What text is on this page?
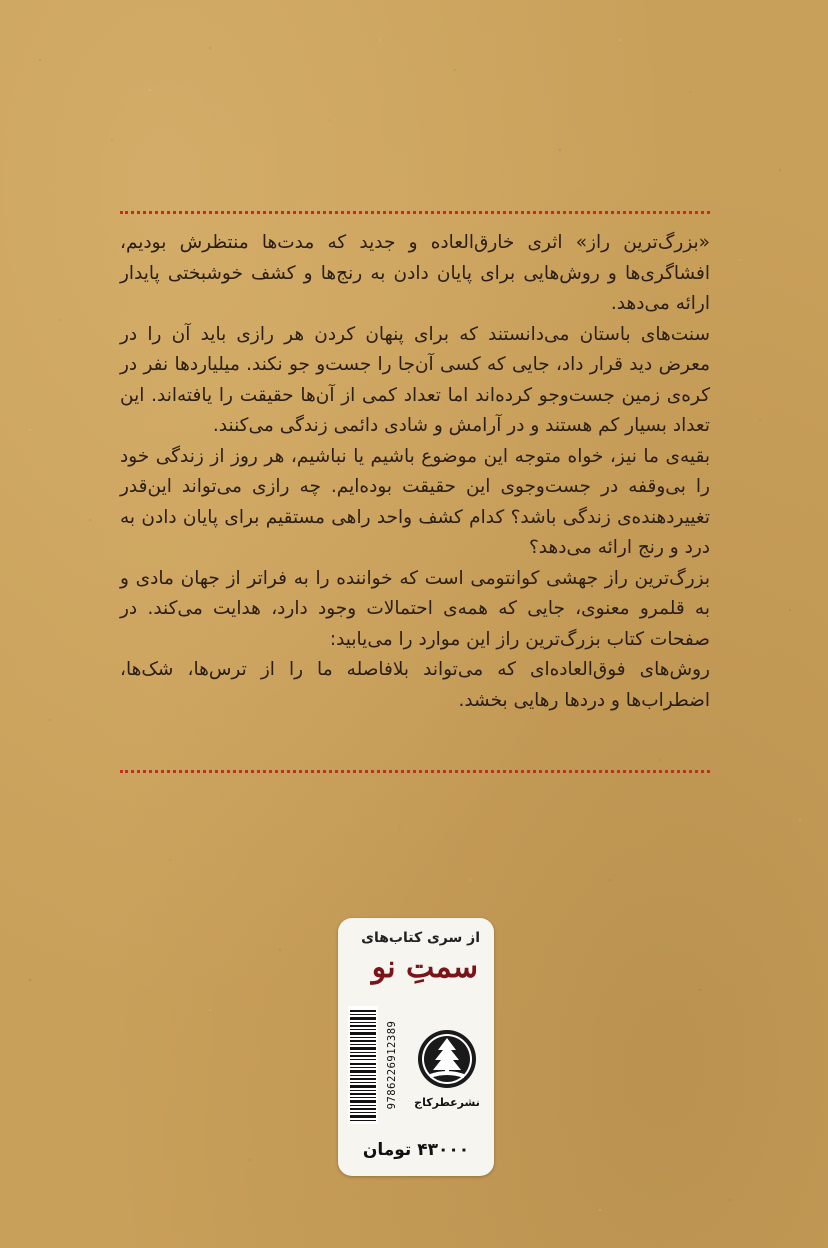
«بزرگ‌ترین راز» اثری خارق‌العاده و جدید که مدت‌ها منتظرش بودیم، افشاگری‌ها و روش‌هایی برای پایان دادن به رنج‌ها و کشف خوشبختی پایدار ارائه می‌دهد.

سنت‌های باستان می‌دانستند که برای پنهان کردن هر رازی باید آن را در معرض دید قرار داد، جایی که کسی آن‌جا را جست‌و جو نکند. میلیاردها نفر در کره‌ی زمین جست‌وجو کرده‌اند اما تعداد کمی از آن‌ها حقیقت را یافته‌اند. این تعداد بسیار کم هستند و در آرامش و شادی دائمی زندگی می‌کنند.

بقیه‌ی ما نیز، خواه متوجه این موضوع باشیم یا نباشیم، هر روز از زندگی خود را بی‌وقفه در جست‌وجوی این حقیقت بوده‌ایم. چه رازی می‌تواند این‌قدر تغییردهنده‌ی زندگی باشد؟ کدام کشف واحد راهی مستقیم برای پایان دادن به درد و رنج ارائه می‌دهد؟

بزرگ‌ترین راز جهشی کوانتومی است که خواننده را به فراتر از جهان مادی و به قلمرو معنوی، جایی که همه‌ی احتمالات وجود دارد، هدایت می‌کند. در صفحات کتاب بزرگ‌ترین راز این موارد را می‌یابید:

روش‌های فوق‌العاده‌ای که می‌تواند بلافاصله ما را از ترس‌ها، شک‌ها، اضطراب‌ها و دردها رهایی بخشد.

از سری کتاب‌های
سمتِ نو
9786226912389 نشرعطرکاج
۴۳۰۰۰ تومان
